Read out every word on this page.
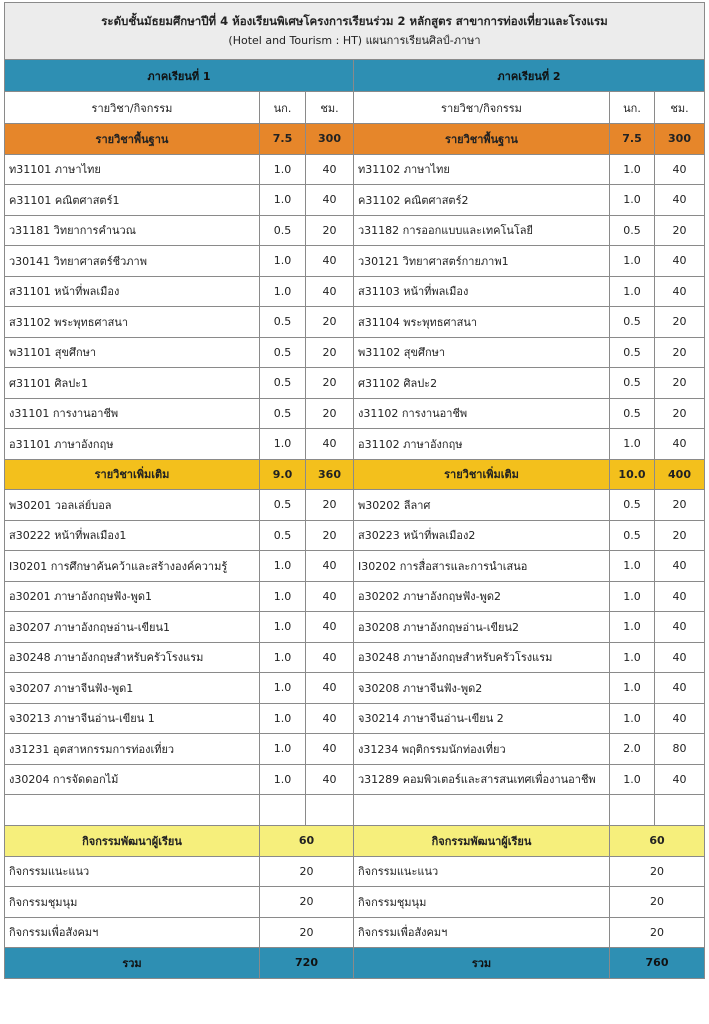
ระดับชั้นมัธยมศึกษาปีที่ 4 ห้องเรียนพิเศษโครงการเรียนร่วม 2 หลักสูตร สาขาการท่องเที่ยวและโรงแรม
(Hotel and Tourism : HT) แผนการเรียนศิลป์-ภาษา					

ภาคเรียนที่ 1			ภาคเรียนที่ 2		
รายวิชา/กิจกรรม	นก.	ชม.	รายวิชา/กิจกรรม	นก.	ชม.
รายวิชาพื้นฐาน	7.5	300	รายวิชาพื้นฐาน	7.5	300
ท31101 ภาษาไทย	1.0	40	ท31102 ภาษาไทย	1.0	40
ค31101 คณิตศาสตร์1	1.0	40	ค31102 คณิตศาสตร์2	1.0	40
ว31181 วิทยาการคำนวณ	0.5	20	ว31182 การออกแบบและเทคโนโลยี	0.5	20
ว30141 วิทยาศาสตร์ชีวภาพ	1.0	40	ว30121 วิทยาศาสตร์กายภาพ1	1.0	40
ส31101 หน้าที่พลเมือง	1.0	40	ส31103 หน้าที่พลเมือง	1.0	40
ส31102 พระพุทธศาสนา	0.5	20	ส31104 พระพุทธศาสนา	0.5	20
พ31101 สุขศึกษา	0.5	20	พ31102 สุขศึกษา	0.5	20
ศ31101 ศิลปะ1	0.5	20	ศ31102 ศิลปะ2	0.5	20
ง31101 การงานอาชีพ	0.5	20	ง31102 การงานอาชีพ	0.5	20
อ31101 ภาษาอังกฤษ	1.0	40	อ31102 ภาษาอังกฤษ	1.0	40
รายวิชาเพิ่มเติม	9.0	360	รายวิชาเพิ่มเติม	10.0	400
พ30201 วอลเล่ย์บอล	0.5	20	พ30202 ลีลาศ	0.5	20
ส30222 หน้าที่พลเมือง1	0.5	20	ส30223 หน้าที่พลเมือง2	0.5	20
I30201 การศึกษาค้นคว้าและสร้างองค์ความรู้	1.0	40	I30202 การสื่อสารและการนำเสนอ	1.0	40
อ30201 ภาษาอังกฤษฟัง-พูด1	1.0	40	อ30202 ภาษาอังกฤษฟัง-พูด2	1.0	40
อ30207 ภาษาอังกฤษอ่าน-เขียน1	1.0	40	อ30208 ภาษาอังกฤษอ่าน-เขียน2	1.0	40
อ30248 ภาษาอังกฤษสำหรับครัวโรงแรม	1.0	40	อ30248 ภาษาอังกฤษสำหรับครัวโรงแรม	1.0	40
จ30207 ภาษาจีนฟัง-พูด1	1.0	40	จ30208 ภาษาจีนฟัง-พูด2	1.0	40
จ30213 ภาษาจีนอ่าน-เขียน 1	1.0	40	จ30214 ภาษาจีนอ่าน-เขียน 2	1.0	40
ง31231 อุตสาหกรรมการท่องเที่ยว	1.0	40	ง31234 พฤติกรรมนักท่องเที่ยว	2.0	80
ง30204 การจัดดอกไม้	1.0	40	ว31289 คอมพิวเตอร์และสารสนเทศเพื่องานอาชีพ	1.0	40

กิจกรรมพัฒนาผู้เรียน	60		กิจกรรมพัฒนาผู้เรียน	60	
กิจกรรมแนะแนว	20		กิจกรรมแนะแนว	20	
กิจกรรมชุมนุม	20		กิจกรรมชุมนุม	20	
กิจกรรมเพื่อสังคมฯ	20		กิจกรรมเพื่อสังคมฯ	20	
รวม	720		รวม	760	
